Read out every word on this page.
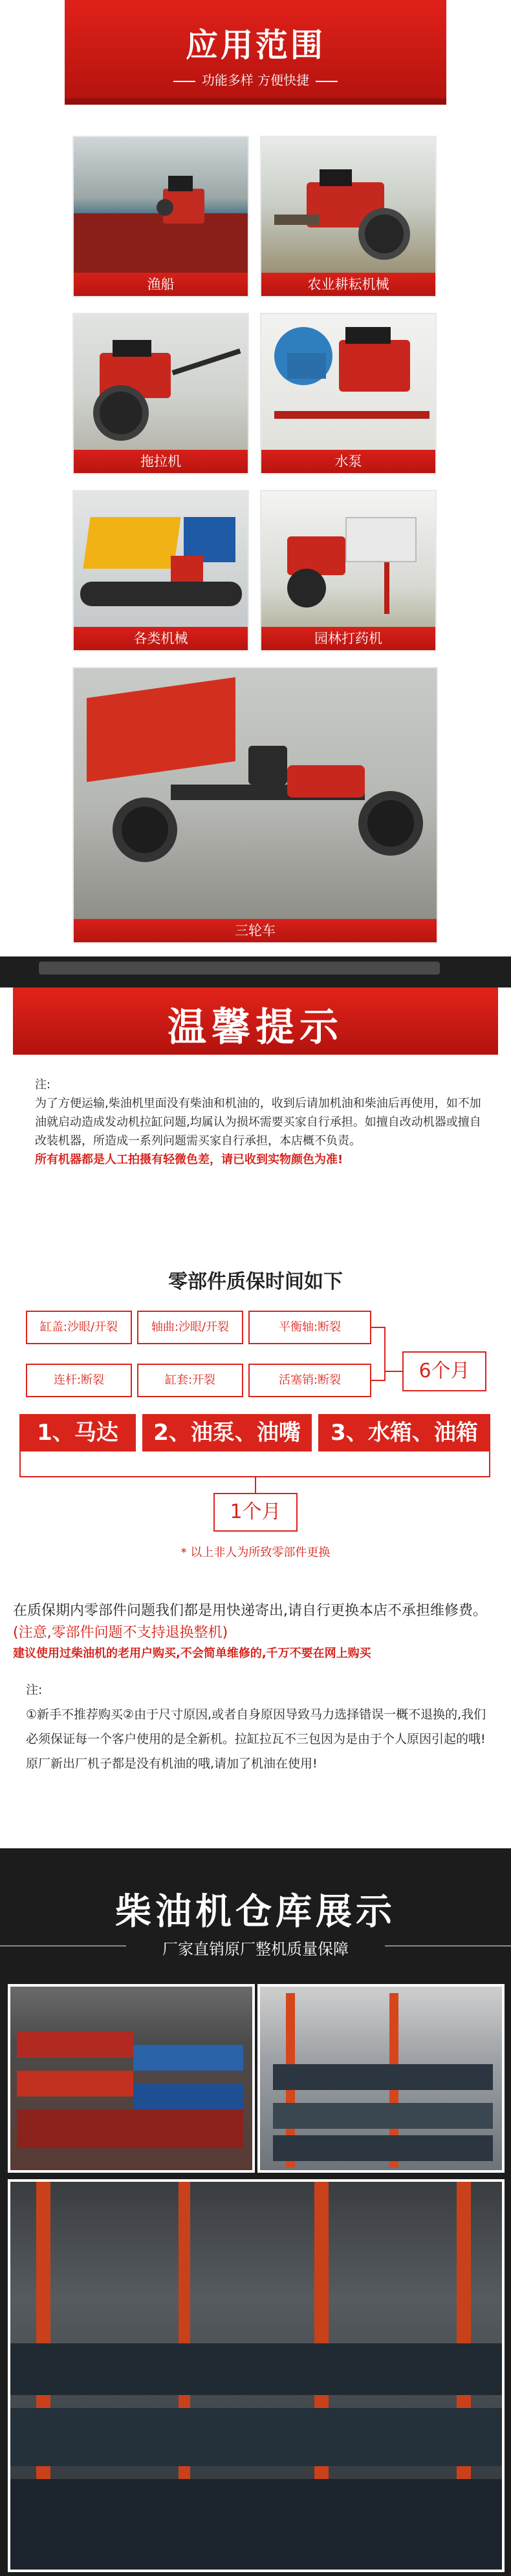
应用范围
功能多样 方便快捷
渔船	农业耕耘机械
拖拉机	水泵
各类机械	园林打药机
三轮车
温馨提示
注:
为了方便运输,柴油机里面没有柴油和机油的，收到后请加机油和柴油后再使用，如不加油就启动造成发动机拉缸问题,均属认为损坏需要买家自行承担。如擅自改动机器或擅自改装机器，所造成一系列问题需买家自行承担，本店概不负责。
所有机器都是人工拍摄有轻微色差，请已收到实物颜色为准!
零部件质保时间如下
缸盖:沙眼/开裂	轴曲:沙眼/开裂	平衡轴:断裂
连杆:断裂	缸套:开裂	活塞销:断裂	6个月
1、马达	2、油泵、油嘴	3、水箱、油箱
1个月
* 以上非人为所致零部件更换
在质保期内零部件问题我们都是用快递寄出,请自行更换本店不承担维修费。(注意,零部件问题不支持退换整机)
建议使用过柴油机的老用户购买,不会简单维修的,千万不要在网上购买
注:
①新手不推荐购买②由于尺寸原因,或者自身原因导致马力选择错误一概不退换的,我们必须保证每一个客户使用的是全新机。拉缸拉瓦不三包因为是由于个人原因引起的哦!原厂新出厂机子都是没有机油的哦,请加了机油在使用!
柴油机仓库展示
厂家直销原厂整机质量保障
